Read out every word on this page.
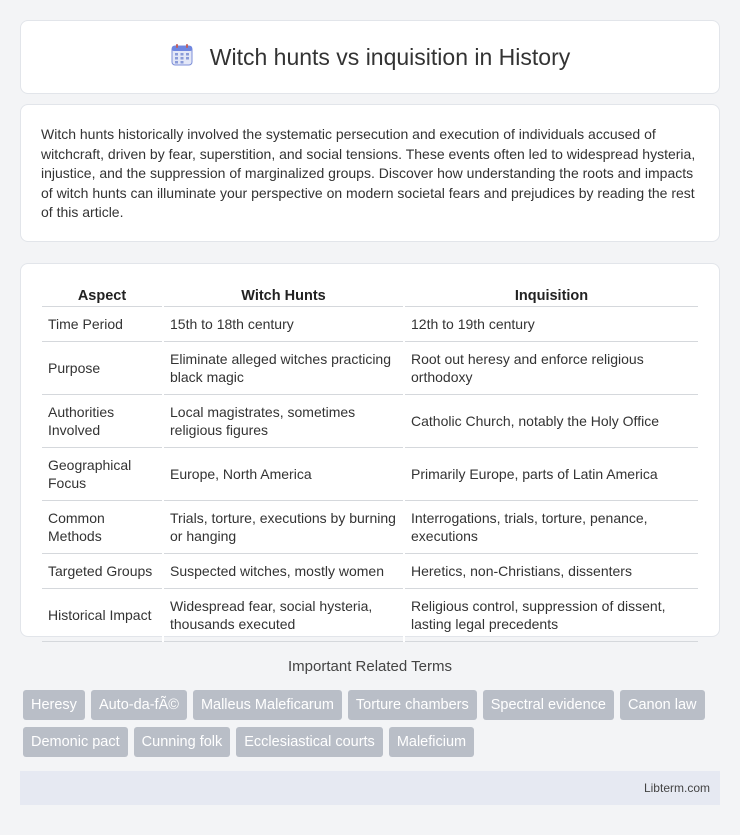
Witch hunts vs inquisition in History

Witch hunts historically involved the systematic persecution and execution of individuals accused of witchcraft, driven by fear, superstition, and social tensions. These events often led to widespread hysteria, injustice, and the suppression of marginalized groups. Discover how understanding the roots and impacts of witch hunts can illuminate your perspective on modern societal fears and prejudices by reading the rest of this article.

Aspect	Witch Hunts	Inquisition
Time Period	15th to 18th century	12th to 19th century
Purpose	Eliminate alleged witches practicing black magic	Root out heresy and enforce religious orthodoxy
Authorities Involved	Local magistrates, sometimes religious figures	Catholic Church, notably the Holy Office
Geographical Focus	Europe, North America	Primarily Europe, parts of Latin America
Common Methods	Trials, torture, executions by burning or hanging	Interrogations, trials, torture, penance, executions
Targeted Groups	Suspected witches, mostly women	Heretics, non-Christians, dissenters
Historical Impact	Widespread fear, social hysteria, thousands executed	Religious control, suppression of dissent, lasting legal precedents
Important Related Terms
Heresy	Auto-da-fÃ©	Malleus Maleficarum	Torture chambers	Spectral evidence	Canon law
Demonic pact	Cunning folk	Ecclesiastical courts	Maleficium
Libterm.com
